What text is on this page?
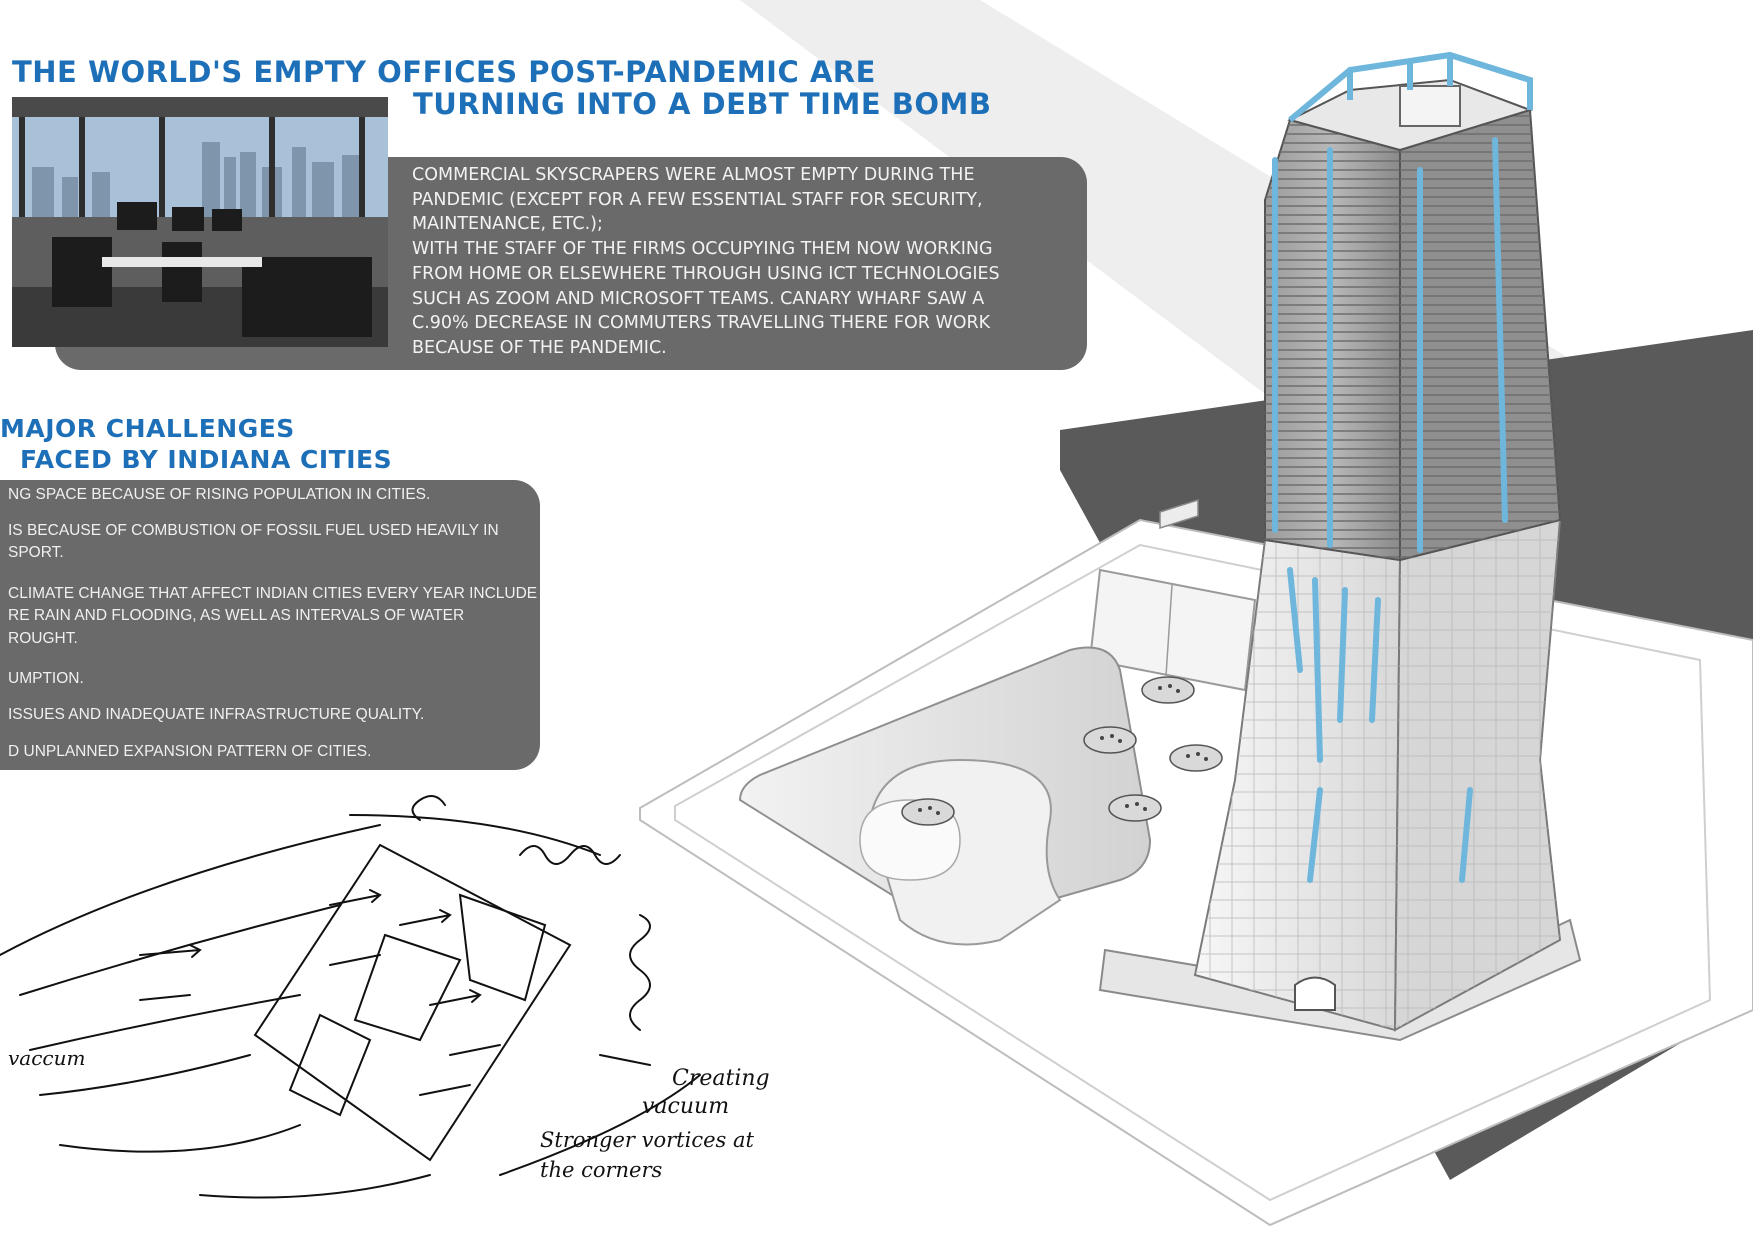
THE WORLD'S EMPTY OFFICES POST-PANDEMIC ARE
TURNING INTO A DEBT TIME BOMB
COMMERCIAL SKYSCRAPERS WERE ALMOST EMPTY DURING THE
PANDEMIC (EXCEPT FOR A FEW ESSENTIAL STAFF FOR SECURITY,
MAINTENANCE, ETC.);
WITH THE STAFF OF THE FIRMS OCCUPYING THEM NOW WORKING
FROM HOME OR ELSEWHERE THROUGH USING ICT TECHNOLOGIES
SUCH AS ZOOM AND MICROSOFT TEAMS. CANARY WHARF SAW A
C.90% DECREASE IN COMMUTERS TRAVELLING THERE FOR WORK
BECAUSE OF THE PANDEMIC.
MAJOR CHALLENGES
FACED BY INDIANA CITIES
NG SPACE BECAUSE OF RISING POPULATION IN CITIES.
IS BECAUSE OF COMBUSTION OF FOSSIL FUEL USED HEAVILY IN
SPORT.
CLIMATE CHANGE THAT AFFECT INDIAN CITIES EVERY YEAR INCLUDE
RE RAIN AND FLOODING, AS WELL AS INTERVALS OF WATER
ROUGHT.
UMPTION.
ISSUES AND INADEQUATE INFRASTRUCTURE QUALITY.
D UNPLANNED EXPANSION PATTERN OF CITIES.
Creating
vacuum
Stronger vortices at
the corners
vaccum
